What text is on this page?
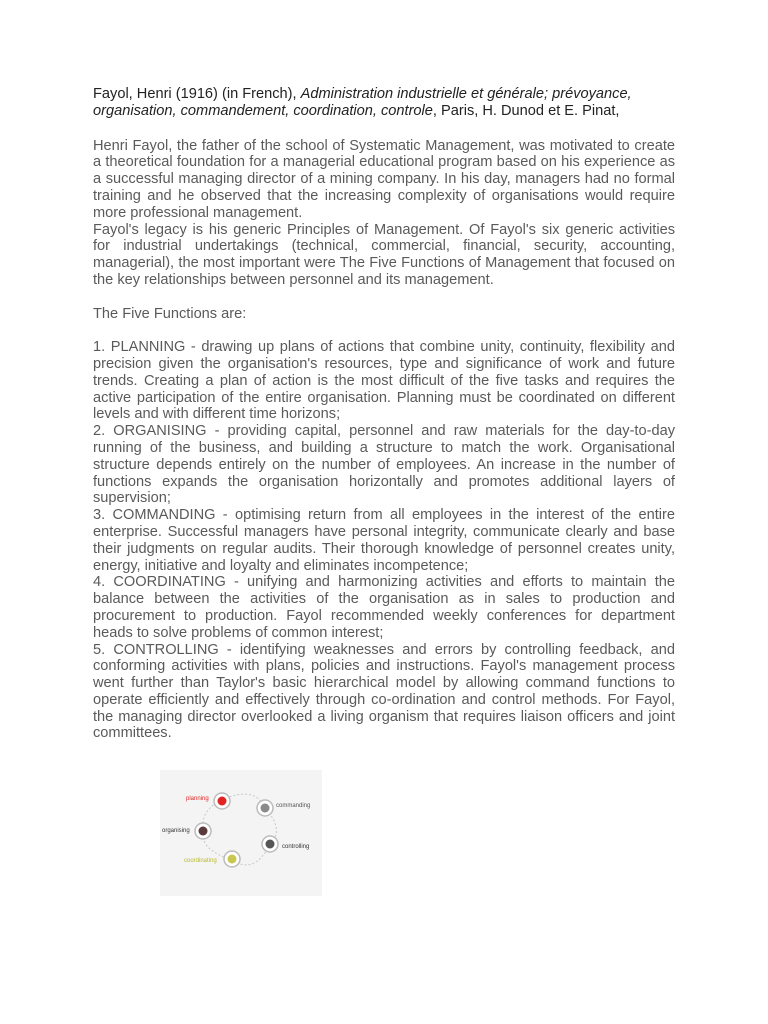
Fayol, Henri (1916) (in French), Administration industrielle et générale; prévoyance, organisation, commandement, coordination, controle, Paris, H. Dunod et E. Pinat,

Henri Fayol, the father of the school of Systematic Management, was motivated to create a theoretical foundation for a managerial educational program based on his experience as a successful managing director of a mining company. In his day, managers had no formal training and he observed that the increasing complexity of organisations would require more professional management.

Fayol's legacy is his generic Principles of Management. Of Fayol's six generic activities for industrial undertakings (technical, commercial, financial, security, accounting, managerial), the most important were The Five Functions of Management that focused on the key relationships between personnel and its management.

The Five Functions are:

1. PLANNING - drawing up plans of actions that combine unity, continuity, flexibility and precision given the organisation's resources, type and significance of work and future trends. Creating a plan of action is the most difficult of the five tasks and requires the active participation of the entire organisation. Planning must be coordinated on different levels and with different time horizons;

2. ORGANISING - providing capital, personnel and raw materials for the day-to-day running of the business, and building a structure to match the work. Organisational structure depends entirely on the number of employees. An increase in the number of functions expands the organisation horizontally and promotes additional layers of supervision;

3. COMMANDING - optimising return from all employees in the interest of the entire enterprise. Successful managers have personal integrity, communicate clearly and base their judgments on regular audits. Their thorough knowledge of personnel creates unity, energy, initiative and loyalty and eliminates incompetence;

4. COORDINATING - unifying and harmonizing activities and efforts to maintain the balance between the activities of the organisation as in sales to production and procurement to production. Fayol recommended weekly conferences for department heads to solve problems of common interest;

5. CONTROLLING - identifying weaknesses and errors by controlling feedback, and conforming activities with plans, policies and instructions. Fayol's management process went further than Taylor's basic hierarchical model by allowing command functions to operate efficiently and effectively through co-ordination and control methods. For Fayol, the managing director overlooked a living organism that requires liaison officers and joint committees.

planning
commanding
organising
controlling
coordinating
